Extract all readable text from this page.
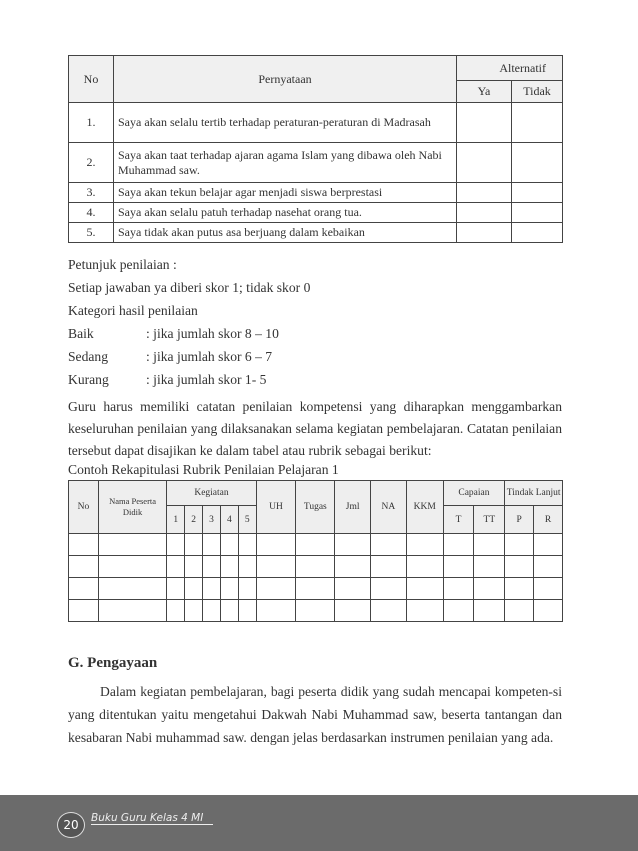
No	Pernyataan	Alternatif	
		Ya	Tidak
1.	Saya akan selalu tertib terhadap peraturan-peraturan di Madrasah		
2.	Saya akan taat terhadap ajaran agama Islam yang dibawa oleh Nabi Muhammad saw.		
3.	Saya akan tekun belajar agar menjadi siswa berprestasi		
4.	Saya akan selalu patuh terhadap nasehat orang tua.		
5.	Saya tidak akan putus asa berjuang dalam kebaikan		
Petunjuk penilaian :
Setiap jawaban ya diberi skor 1; tidak skor 0
Kategori hasil penilaian
Baik	: jika jumlah skor 8 – 10
Sedang	: jika jumlah skor 6 – 7
Kurang	: jika jumlah skor 1- 5
Guru harus memiliki catatan penilaian kompetensi yang diharapkan menggambarkan keseluruhan penilaian yang dilaksanakan selama kegiatan pembelajaran. Catatan penilaian tersebut dapat disajikan ke dalam tabel atau rubrik sebagai berikut:
Contoh Rekapitulasi Rubrik Penilaian Pelajaran 1
No	Nama Peserta Didik	Kegiatan					UH	Tugas	Jml	NA	KKM	Capaian		Tindak Lanjut	
		1	2	3	4	5						T	TT	P	R

G. Pengayaan
Dalam kegiatan pembelajaran, bagi peserta didik yang sudah mencapai kompeten-si yang ditentukan yaitu mengetahui Dakwah Nabi Muhammad saw, beserta tantangan dan kesabaran Nabi muhammad saw. dengan jelas berdasarkan instrumen penilaian yang ada.
20	Buku Guru Kelas 4 MI
